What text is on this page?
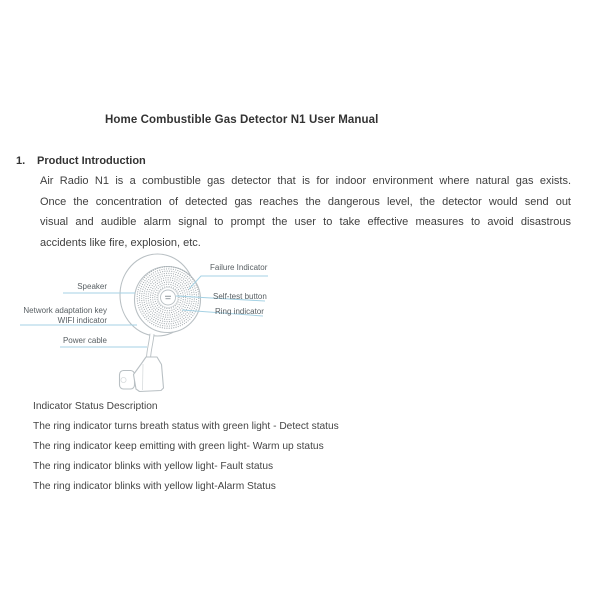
Home Combustible Gas Detector N1 User Manual
1. Product Introduction
Air Radio N1 is a combustible gas detector that is for indoor environment where natural gas exists.
Once the concentration of detected gas reaches the dangerous level, the detector would send out
visual and audible alarm signal to prompt the user to take effective measures to avoid disastrous
accidents like fire, explosion, etc.
Speaker
Network adaptation key
WIFI indicator
Power cable
Failure Indicator
Self-test button
Ring indicator
Indicator Status Description
The ring indicator turns breath status with green light - Detect status
The ring indicator keep emitting with green light- Warm up status
The ring indicator blinks with yellow light- Fault status
The ring indicator blinks with yellow light-Alarm Status
